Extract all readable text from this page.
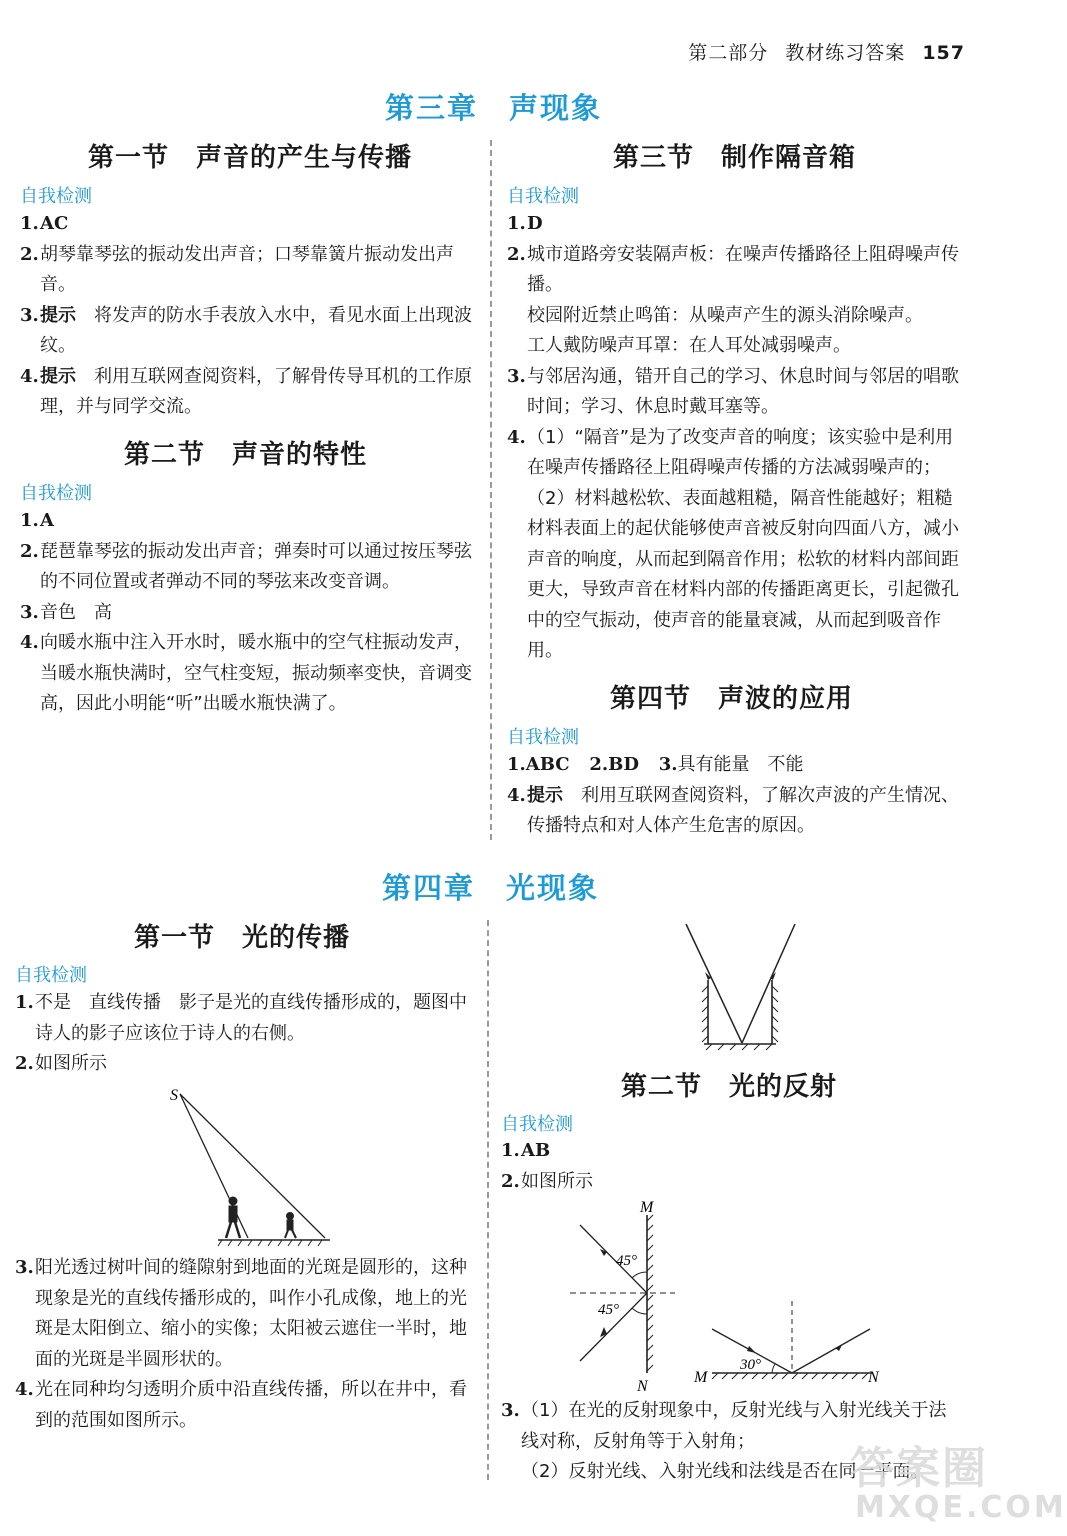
第二部分 教材练习答案 157
第三章　声现象
第一节　声音的产生与传播
自我检测
1. AC
2. 胡琴靠琴弦的振动发出声音；口琴靠簧片振动发出声音。
3. 提示　 将发声的防水手表放入水中，看见水面上出现波纹。
4. 提示　 利用互联网查阅资料，了解骨传导耳机的工作原理，并与同学交流。
第二节　声音的特性
自我检测
1. A
2. 琵琶靠琴弦的振动发出声音；弹奏时可以通过按压琴弦的不同位置或者弹动不同的琴弦来改变音调。
3. 音色　高
4. 向暖水瓶中注入开水时，暖水瓶中的空气柱振动发声，当暖水瓶快满时，空气柱变短，振动频率变快，音调变高，因此小明能“听”出暖水瓶快满了。
第三节　制作隔音箱
自我检测
1. D
2. 城市道路旁安装隔声板：在噪声传播路径上阻碍噪声传播。
校园附近禁止鸣笛：从噪声产生的源头消除噪声。
工人戴防噪声耳罩：在人耳处减弱噪声。
3. 与邻居沟通，错开自己的学习、休息时间与邻居的唱歌时间；学习、休息时戴耳塞等。
4. （1）“隔音”是为了改变声音的响度；该实验中是利用在噪声传播路径上阻碍噪声传播的方法减弱噪声的；（2）材料越松软、表面越粗糙，隔音性能越好；粗糙材料表面上的起伏能够使声音被反射向四面八方，减小声音的响度，从而起到隔音作用；松软的材料内部间距更大，导致声音在材料内部的传播距离更长，引起微孔中的空气振动，使声音的能量衰减，从而起到吸音作用。
第四节　声波的应用
自我检测
1.ABC 2.BD 3.具有能量　不能
4. 提示　 利用互联网查阅资料，了解次声波的产生情况、传播特点和对人体产生危害的原因。
第四章　光现象
第一节　光的传播
自我检测
1. 不是　直线传播　影子是光的直线传播形成的，题图中诗人的影子应该位于诗人的右侧。
2. 如图所示
S
3. 阳光透过树叶间的缝隙射到地面的光斑是圆形的，这种现象是光的直线传播形成的，叫作小孔成像，地上的光斑是太阳倒立、缩小的实像；太阳被云遮住一半时，地面的光斑是半圆形状的。
4. 光在同种均匀透明介质中沿直线传播，所以在井中，看到的范围如图所示。
第二节　光的反射
自我检测
1. AB
2. 如图所示
M
N
45°
45°
M	N
30°
3. （1）在光的反射现象中，反射光线与入射光线关于法线对称，反射角等于入射角；
（2）反射光线、入射光线和法线是否在同一平面。
答案圈
MXQE.COM
